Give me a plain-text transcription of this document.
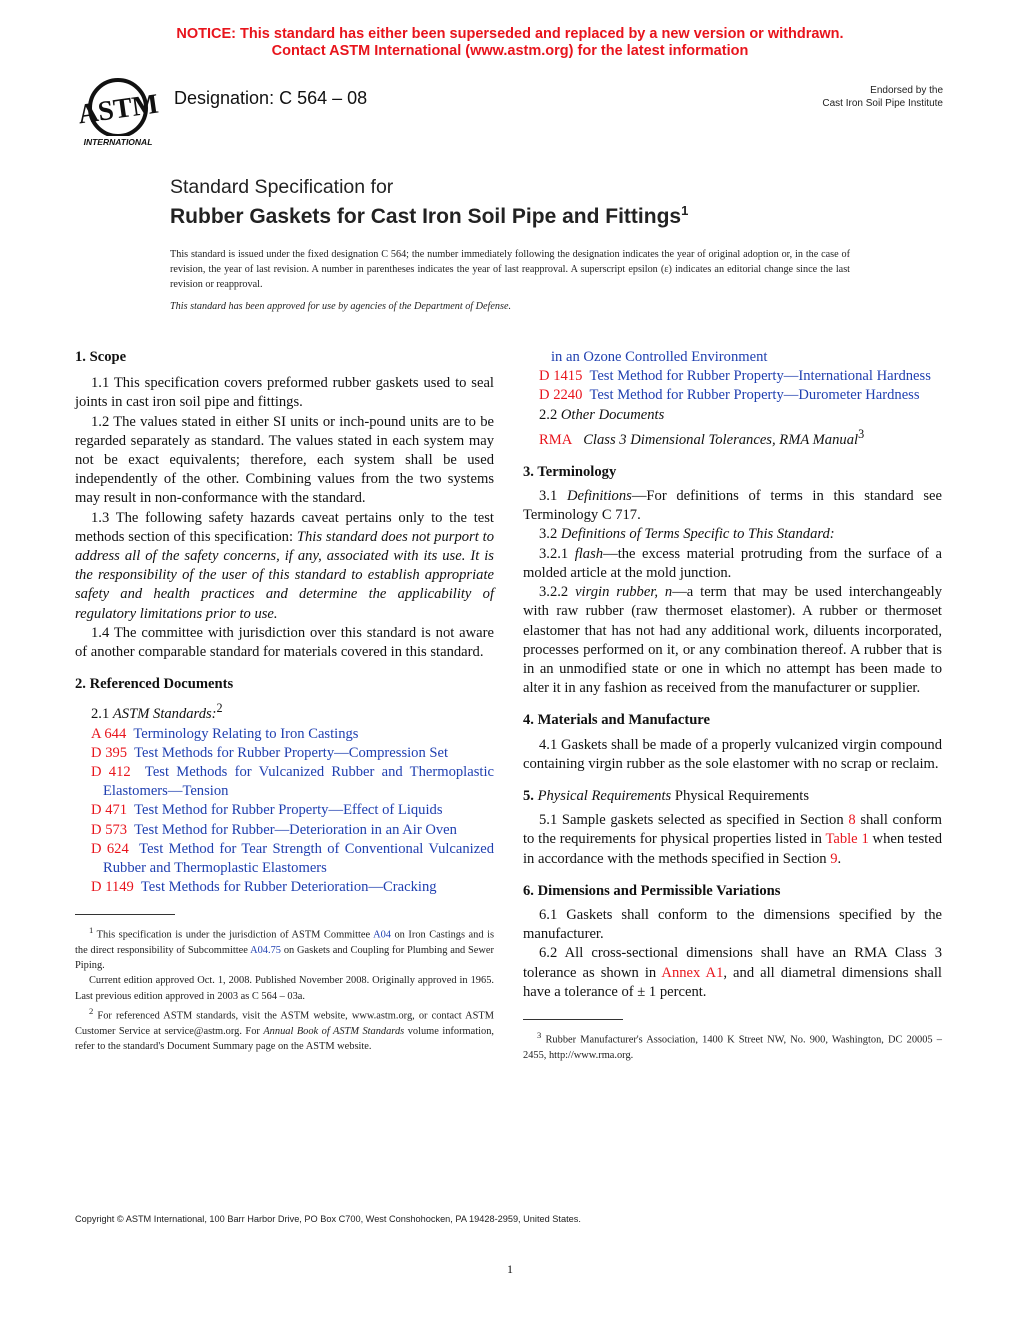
NOTICE: This standard has either been superseded and replaced by a new version or withdrawn.
Contact ASTM International (www.astm.org) for the latest information
ASTM
INTERNATIONAL
Designation: C 564 – 08	Endorsed by the
Cast Iron Soil Pipe Institute
Standard Specification for
Rubber Gaskets for Cast Iron Soil Pipe and Fittings$^1$

This standard is issued under the fixed designation C 564; the number immediately following the designation indicates the year of original adoption or, in the case of revision, the year of last revision. A number in parentheses indicates the year of last reapproval. A superscript epsilon (ε) indicates an editorial change since the last revision or reapproval.

This standard has been approved for use by agencies of the Department of Defense.

1. Scope

1.1 This specification covers preformed rubber gaskets used to seal joints in cast iron soil pipe and fittings.

1.2 The values stated in either SI units or inch-pound units are to be regarded separately as standard. The values stated in each system may not be exact equivalents; therefore, each system shall be used independently of the other. Combining values from the two systems may result in non-conformance with the standard.

1.3 The following safety hazards caveat pertains only to the test methods section of this specification: This standard does not purport to address all of the safety concerns, if any, associated with its use. It is the responsibility of the user of this standard to establish appropriate safety and health practices and determine the applicability of regulatory limitations prior to use.

1.4 The committee with jurisdiction over this standard is not aware of another comparable standard for materials covered in this standard.

2. Referenced Documents

2.1 ASTM Standards:$^2$

A 644 Terminology Relating to Iron Castings

D 395 Test Methods for Rubber Property—Compression Set

D 412 Test Methods for Vulcanized Rubber and Thermoplastic Elastomers—Tension

D 471 Test Method for Rubber Property—Effect of Liquids

D 573 Test Method for Rubber—Deterioration in an Air Oven

D 624 Test Method for Tear Strength of Conventional Vulcanized Rubber and Thermoplastic Elastomers

D 1149 Test Methods for Rubber Deterioration—Cracking

$^1$ This specification is under the jurisdiction of ASTM Committee A04 on Iron Castings and is the direct responsibility of Subcommittee A04.75 on Gaskets and Coupling for Plumbing and Sewer Piping.

Current edition approved Oct. 1, 2008. Published November 2008. Originally approved in 1965. Last previous edition approved in 2003 as C 564 – 03a.

$^2$ For referenced ASTM standards, visit the ASTM website, www.astm.org, or contact ASTM Customer Service at service@astm.org. For Annual Book of ASTM Standards volume information, refer to the standard's Document Summary page on the ASTM website.

in an Ozone Controlled Environment

D 1415 Test Method for Rubber Property—International Hardness

D 2240 Test Method for Rubber Property—Durometer Hardness

2.2 Other Documents

RMA Class 3 Dimensional Tolerances, RMA Manual$^3$

3. Terminology

3.1 Definitions—For definitions of terms in this standard see Terminology C 717.

3.2 Definitions of Terms Specific to This Standard:

3.2.1 flash—the excess material protruding from the surface of a molded article at the mold junction.

3.2.2 virgin rubber, n—a term that may be used interchangeably with raw rubber (raw thermoset elastomer). A rubber or thermoset elastomer that has not had any additional work, diluents incorporated, processes performed on it, or any combination thereof. A rubber that is in an unmodified state or one in which no attempt has been made to alter it in any fashion as received from the manufacturer or supplier.

4. Materials and Manufacture

4.1 Gaskets shall be made of a properly vulcanized virgin compound containing virgin rubber as the sole elastomer with no scrap or reclaim.

5. Physical Requirements Physical Requirements

5.1 Sample gaskets selected as specified in Section 8 shall conform to the requirements for physical properties listed in Table 1 when tested in accordance with the methods specified in Section 9.

6. Dimensions and Permissible Variations

6.1 Gaskets shall conform to the dimensions specified by the manufacturer.

6.2 All cross-sectional dimensions shall have an RMA Class 3 tolerance as shown in Annex A1, and all diametral dimensions shall have a tolerance of ± 1 percent.

$^3$ Rubber Manufacturer's Association, 1400 K Street NW, No. 900, Washington, DC 20005 – 2455, http://www.rma.org.

Copyright © ASTM International, 100 Barr Harbor Drive, PO Box C700, West Conshohocken, PA 19428-2959, United States.
1
